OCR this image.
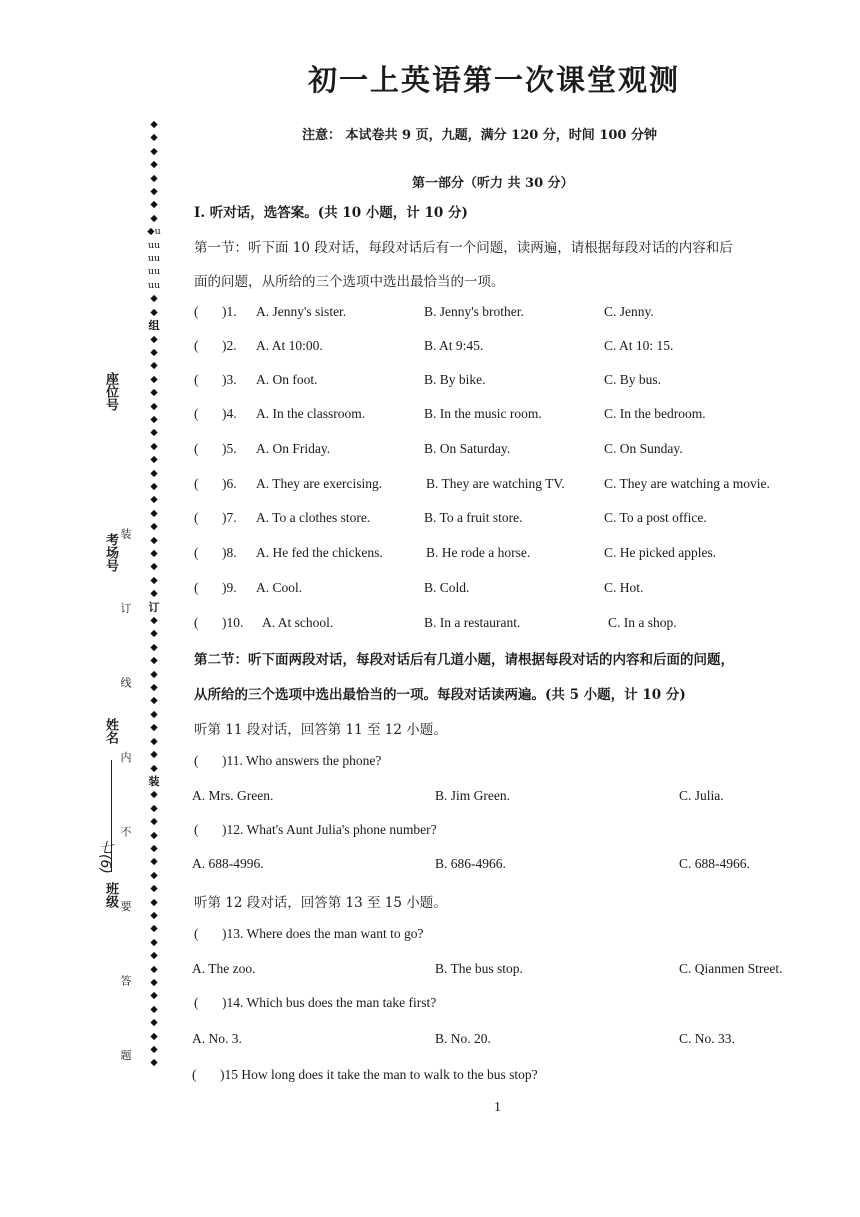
初一上英语第一次课堂观测
注意： 本试卷共 9 页，九题，满分 120 分，时间 100 分钟
第一部分（听力 共 30 分）
I. 听对话，选答案。(共 10 小题，计 10 分)
第一节：听下面 10 段对话，每段对话后有一个问题，读两遍，请根据每段对话的内容和后
面的问题，从所给的三个选项中选出最恰当的一项。
( )1. A. Jenny's sister.	B. Jenny's brother.	C. Jenny.
( )2. A. At 10:00.	B. At 9:45.	C. At 10: 15.
( )3. A. On foot.	B. By bike.	C. By bus.
( )4. A. In the classroom.	B. In the music room.	C. In the bedroom.
( )5. A. On Friday.	B. On Saturday.	C. On Sunday.
( )6. A. They are exercising.	B. They are watching TV.	C. They are watching a movie.
( )7. A. To a clothes store.	B. To a fruit store.	C. To a post office.
( )8. A. He fed the chickens.	B. He rode a horse.	C. He picked apples.
( )9. A. Cool.	B. Cold.	C. Hot.
( )10. A. At school.	B. In a restaurant.	C. In a shop.
第二节：听下面两段对话，每段对话后有几道小题，请根据每段对话的内容和后面的问题，
从所给的三个选项中选出最恰当的一项。每段对话读两遍。(共 5 小题，计 10 分)
听第 11 段对话，回答第 11 至 12 小题。
( )11. Who answers the phone?
A. Mrs. Green.	B. Jim Green.	C. Julia.
( )12. What's Aunt Julia's phone number?
A. 688-4996.	B. 686-4966.	C. 688-4966.
听第 12 段对话，回答第 13 至 15 小题。
( )13. Where does the man want to go?
A. The zoo.	B. The bus stop.	C. Qianmen Street.
( )14. Which bus does the man take first?
A. No. 3.	B. No. 20.	C. No. 33.
( )15 How long does it take the man to walk to the bus stop?
1
◆◆◆◆◆◆◆◆◆uuuuuuuuu◆◆
组
◆◆◆◆◆◆◆◆◆◆◆◆◆◆◆◆◆◆◆◆
订
◆◆◆◆◆◆◆◆◆◆◆◆
装
◆◆◆◆◆◆◆◆◆◆◆◆◆◆◆◆◆◆◆◆◆
装 订 线 内 不 要 答 题
座位号
考场号
姓名
七(6)
班级
